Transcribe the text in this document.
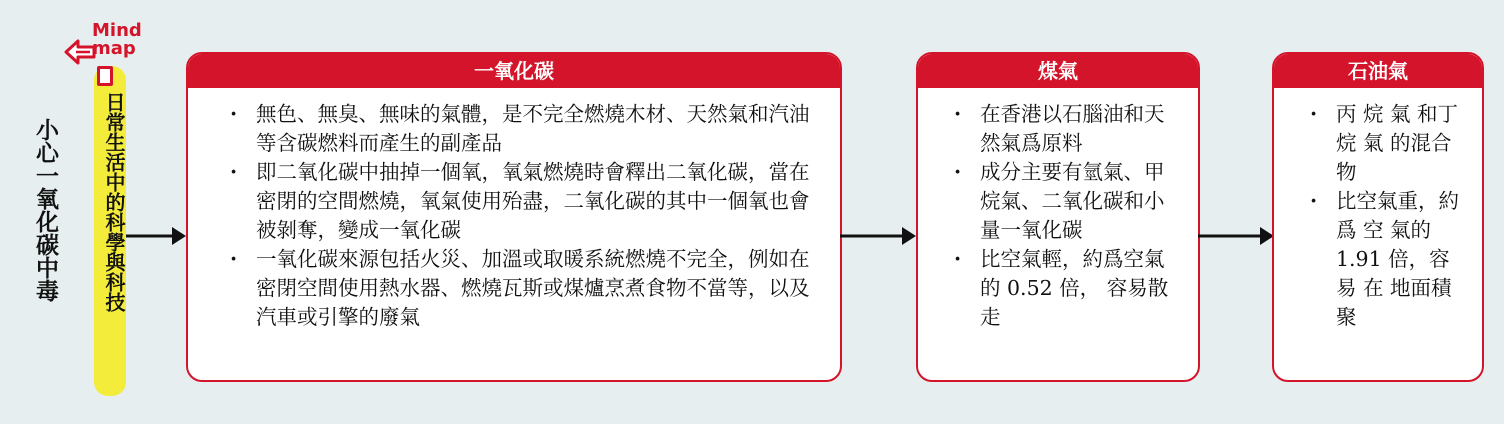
小心一氧化碳中毒
Mind
map
日常生活中的科學與科技
一氧化碳
· 無色、無臭、無味的氣體，是不完全燃燒木材、天然氣和汽油等含碳燃料而產生的副產品
· 即二氧化碳中抽掉一個氧，氧氣燃燒時會釋出二氧化碳，當在密閉的空間燃燒，氧氣使用殆盡，二氧化碳的其中一個氧也會被剝奪，變成一氧化碳
· 一氧化碳來源包括火災、加溫或取暖系統燃燒不完全，例如在密閉空間使用熱水器、燃燒瓦斯或煤爐烹煮食物不當等，以及汽車或引擎的廢氣
煤氣
· 在香港以石腦油和天然氣爲原料
· 成分主要有氫氣、甲烷氣、二氧化碳和小量一氧化碳
· 比空氣輕，約爲空氣 的 0.52 倍， 容易散走
石油氣
· 丙 烷 氣 和丁 烷 氣 的混合物
· 比空氣重，約 爲 空 氣的 1.91 倍，容 易 在 地面積聚
